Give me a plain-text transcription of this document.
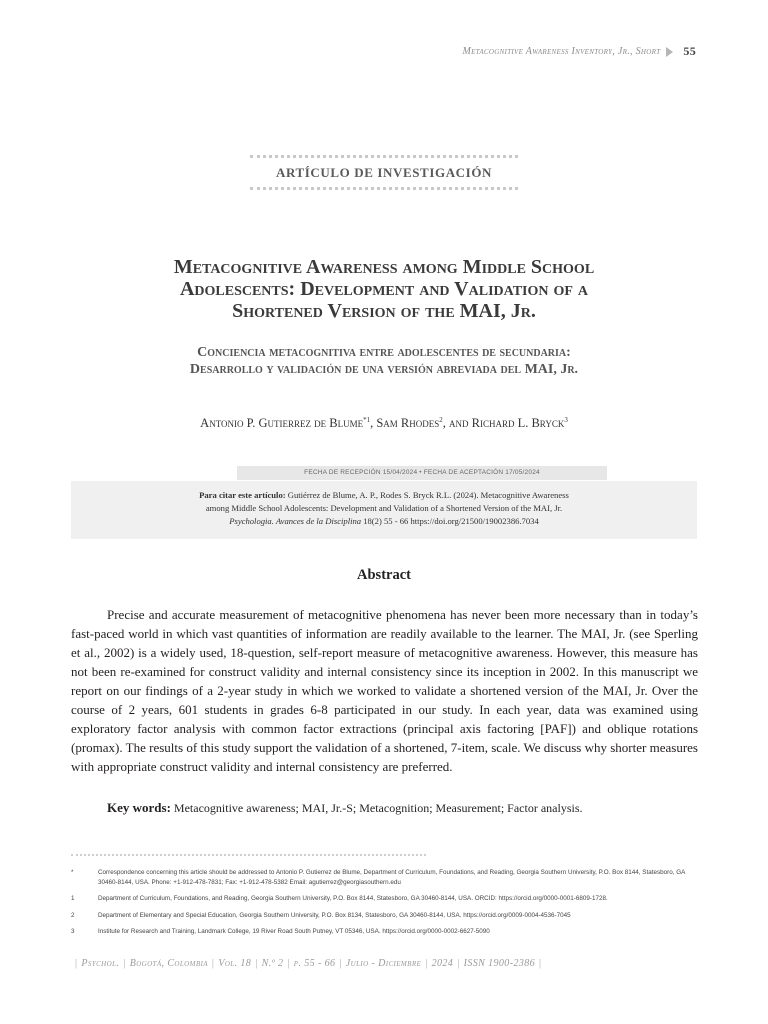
Metacognitive Awareness Inventory, Jr., Short 55
ARTÍCULO DE INVESTIGACIÓN
Metacognitive Awareness among Middle School
Adolescents: Development and Validation of a
Shortened Version of the MAI, Jr.
Conciencia metacognitiva entre adolescentes de secundaria:
Desarrollo y validación de una versión abreviada del MAI, Jr.
Antonio P. Gutierrez de Blume$^{*1}$, Sam Rhodes$^2$, and Richard L. Bryck$^3$
FECHA DE RECEPCIÓN 15/04/2024 • FECHA DE ACEPTACIÓN 17/05/2024
Para citar este artículo: Gutiérrez de Blume, A. P., Rodes S. Bryck R.L. (2024). Metacognitive Awareness
among Middle School Adolescents: Development and Validation of a Shortened Version of the MAI, Jr.
Psychologia. Avances de la Disciplina 18(2) 55 - 66 https://doi.org/21500/19002386.7034
Abstract

Precise and accurate measurement of metacognitive phenomena has never been more necessary than in today’s fast-paced world in which vast quantities of information are readily available to the learner. The MAI, Jr. (see Sperling et al., 2002) is a widely used, 18-question, self-report measure of metacognitive awareness. However, this measure has not been re-examined for construct validity and internal consistency since its inception in 2002. In this manuscript we report on our findings of a 2-year study in which we worked to validate a shortened version of the MAI, Jr. Over the course of 2 years, 601 students in grades 6-8 participated in our study. In each year, data was examined using exploratory factor analysis with common factor extractions (principal axis factoring [PAF]) and oblique rotations (promax). The results of this study support the validation of a shortened, 7-item, scale. We discuss why shorter measures with appropriate construct validity and internal consistency are preferred.

Key words: Metacognitive awareness; MAI, Jr.-S; Metacognition; Measurement; Factor analysis.
*	Correspondence concerning this article should be addressed to Antonio P. Gutierrez de Blume, Department of Curriculum, Foundations, and Reading, Georgia Southern University, P.O. Box 8144, Statesboro, GA 30460-8144, USA. Phone: +1-912-478-7831; Fax: +1-912-478-5382 Email: agutierrez@georgiasouthern.edu
1	Department of Curriculum, Foundations, and Reading, Georgia Southern University, P.O. Box 8144, Statesboro, GA 30460-8144, USA. ORCID: https://orcid.org/0000-0001-6809-1728.
2	Department of Elementary and Special Education, Georgia Southern University, P.O. Box 8134, Statesboro, GA 30460-8144, USA. https://orcid.org/0009-0004-4536-7045
3	Institute for Research and Training, Landmark College, 19 River Road South Putney, VT 05346, USA. https://orcid.org/0000-0002-6627-5090
| Psychol. | Bogotá, Colombia | Vol. 18 | N.º 2 | p. 55 - 66 | Julio - Diciembre | 2024 | ISSN 1900-2386 |
